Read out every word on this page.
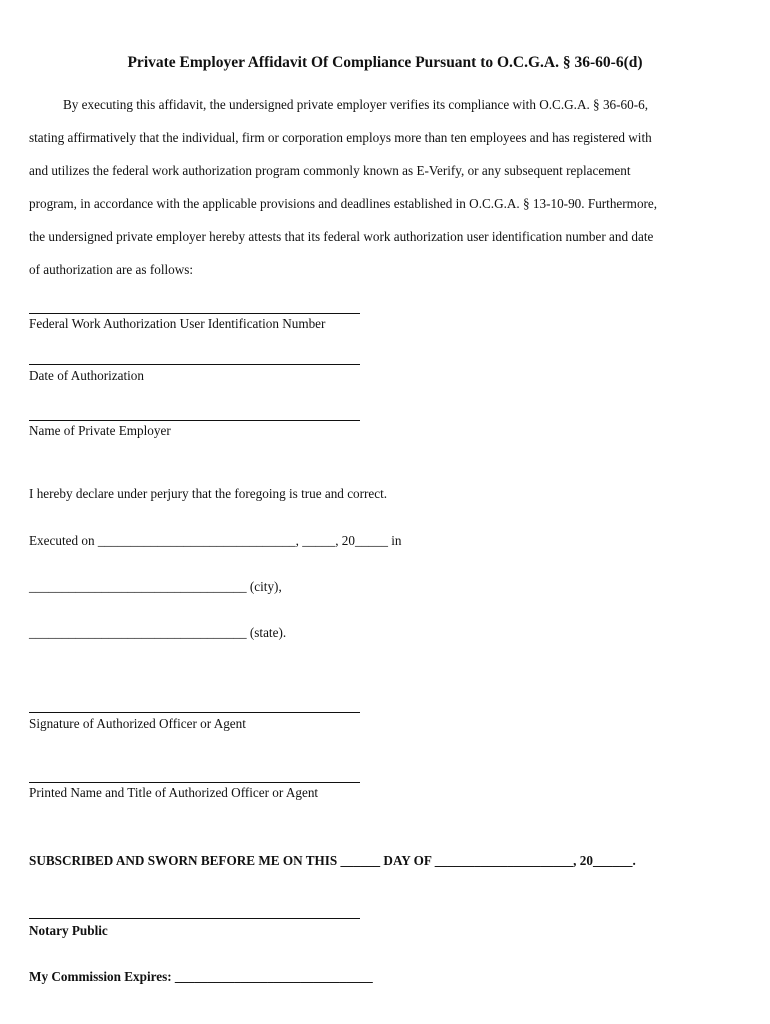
Private Employer Affidavit Of Compliance Pursuant to O.C.G.A. § 36-60-6(d)
By executing this affidavit, the undersigned private employer verifies its compliance with O.C.G.A. § 36-60-6,
stating affirmatively that the individual, firm or corporation employs more than ten employees and has registered with
and utilizes the federal work authorization program commonly known as E-Verify, or any subsequent replacement
program, in accordance with the applicable provisions and deadlines established in O.C.G.A. § 13-10-90. Furthermore,
the undersigned private employer hereby attests that its federal work authorization user identification number and date
of authorization are as follows:
Federal Work Authorization User Identification Number
Date of Authorization
Name of Private Employer
I hereby declare under perjury that the foregoing is true and correct.
Executed on ______________________________, _____, 20_____ in
_________________________________ (city),
_________________________________ (state).
Signature of Authorized Officer or Agent
Printed Name and Title of Authorized Officer or Agent
SUBSCRIBED AND SWORN BEFORE ME ON THIS ______ DAY OF _____________________, 20______.
Notary Public
My Commission Expires: ______________________________
